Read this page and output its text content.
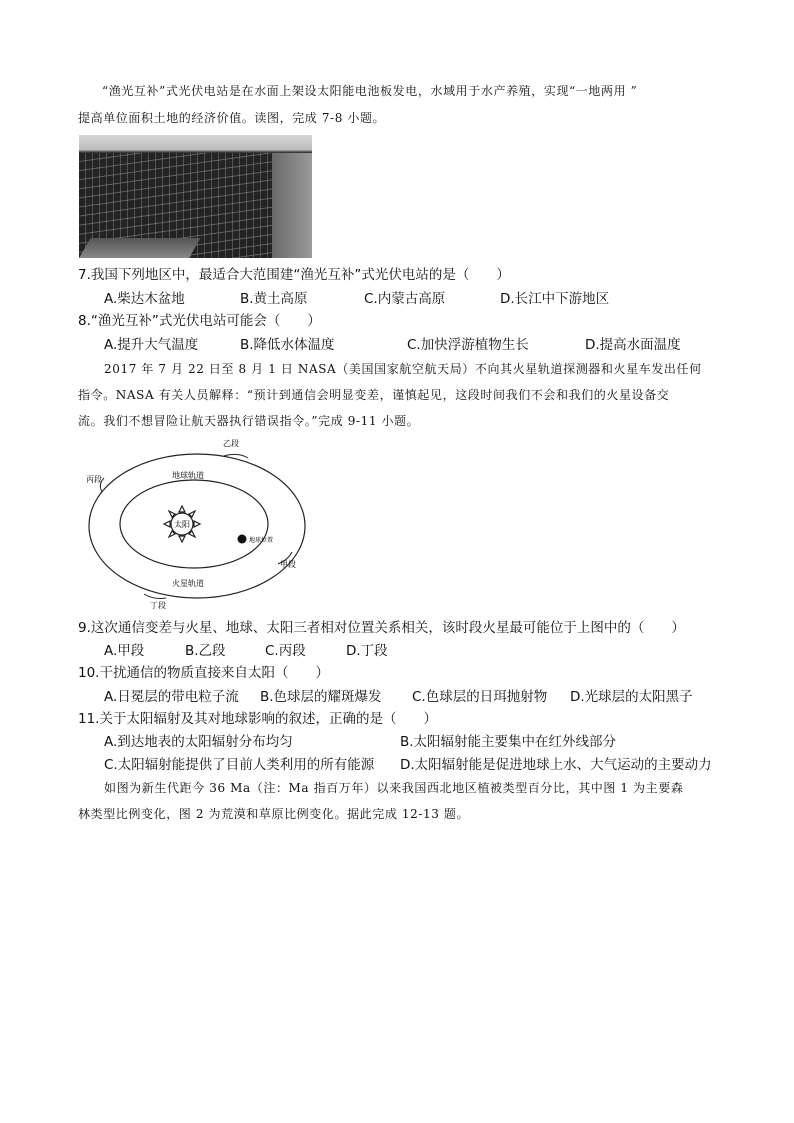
“渔光互补”式光伏电站是在水面上架设太阳能电池板发电，水域用于水产养殖，实现“一地两用 ”
提高单位面积土地的经济价值。读图，完成 7-8 小题。
7.我国下列地区中，最适合大范围建“渔光互补”式光伏电站的是（　　）
A.柴达木盆地	B.黄土高原	C.内蒙古高原	D.长江中下游地区
8.“渔光互补”式光伏电站可能会（　　）
A.提升大气温度	B.降低水体温度	C.加快浮游植物生长	D.提高水面温度
2017 年 7 月 22 日至 8 月 1 日 NASA（美国国家航空航天局）不向其火星轨道探测器和火星车发出任何
指令。NASA 有关人员解释：“预计到通信会明显变差，谨慎起见，这段时间我们不会和我们的火星设备交
流。我们不想冒险让航天器执行错误指令。”完成 9-11 小题。
太阳
地球轨道
火星轨道
地球位置
甲段
乙段
丙段
丁段
9.这次通信变差与火星、地球、太阳三者相对位置关系相关，该时段火星最可能位于上图中的（　　）
A.甲段	B.乙段	C.丙段	D.丁段
10.干扰通信的物质直接来自太阳（　　）
A.日冕层的带电粒子流 B.色球层的耀斑爆发 C.色球层的日珥抛射物 D.光球层的太阳黑子
11.关于太阳辐射及其对地球影响的叙述，正确的是（　　）
A.到达地表的太阳辐射分布均匀	B.太阳辐射能主要集中在红外线部分
C.太阳辐射能提供了目前人类利用的所有能源 D.太阳辐射能是促进地球上水、大气运动的主要动力
如图为新生代距今 36 Ma（注：Ma 指百万年）以来我国西北地区植被类型百分比，其中图 1 为主要森
林类型比例变化，图 2 为荒漠和草原比例变化。据此完成 12-13 题。
